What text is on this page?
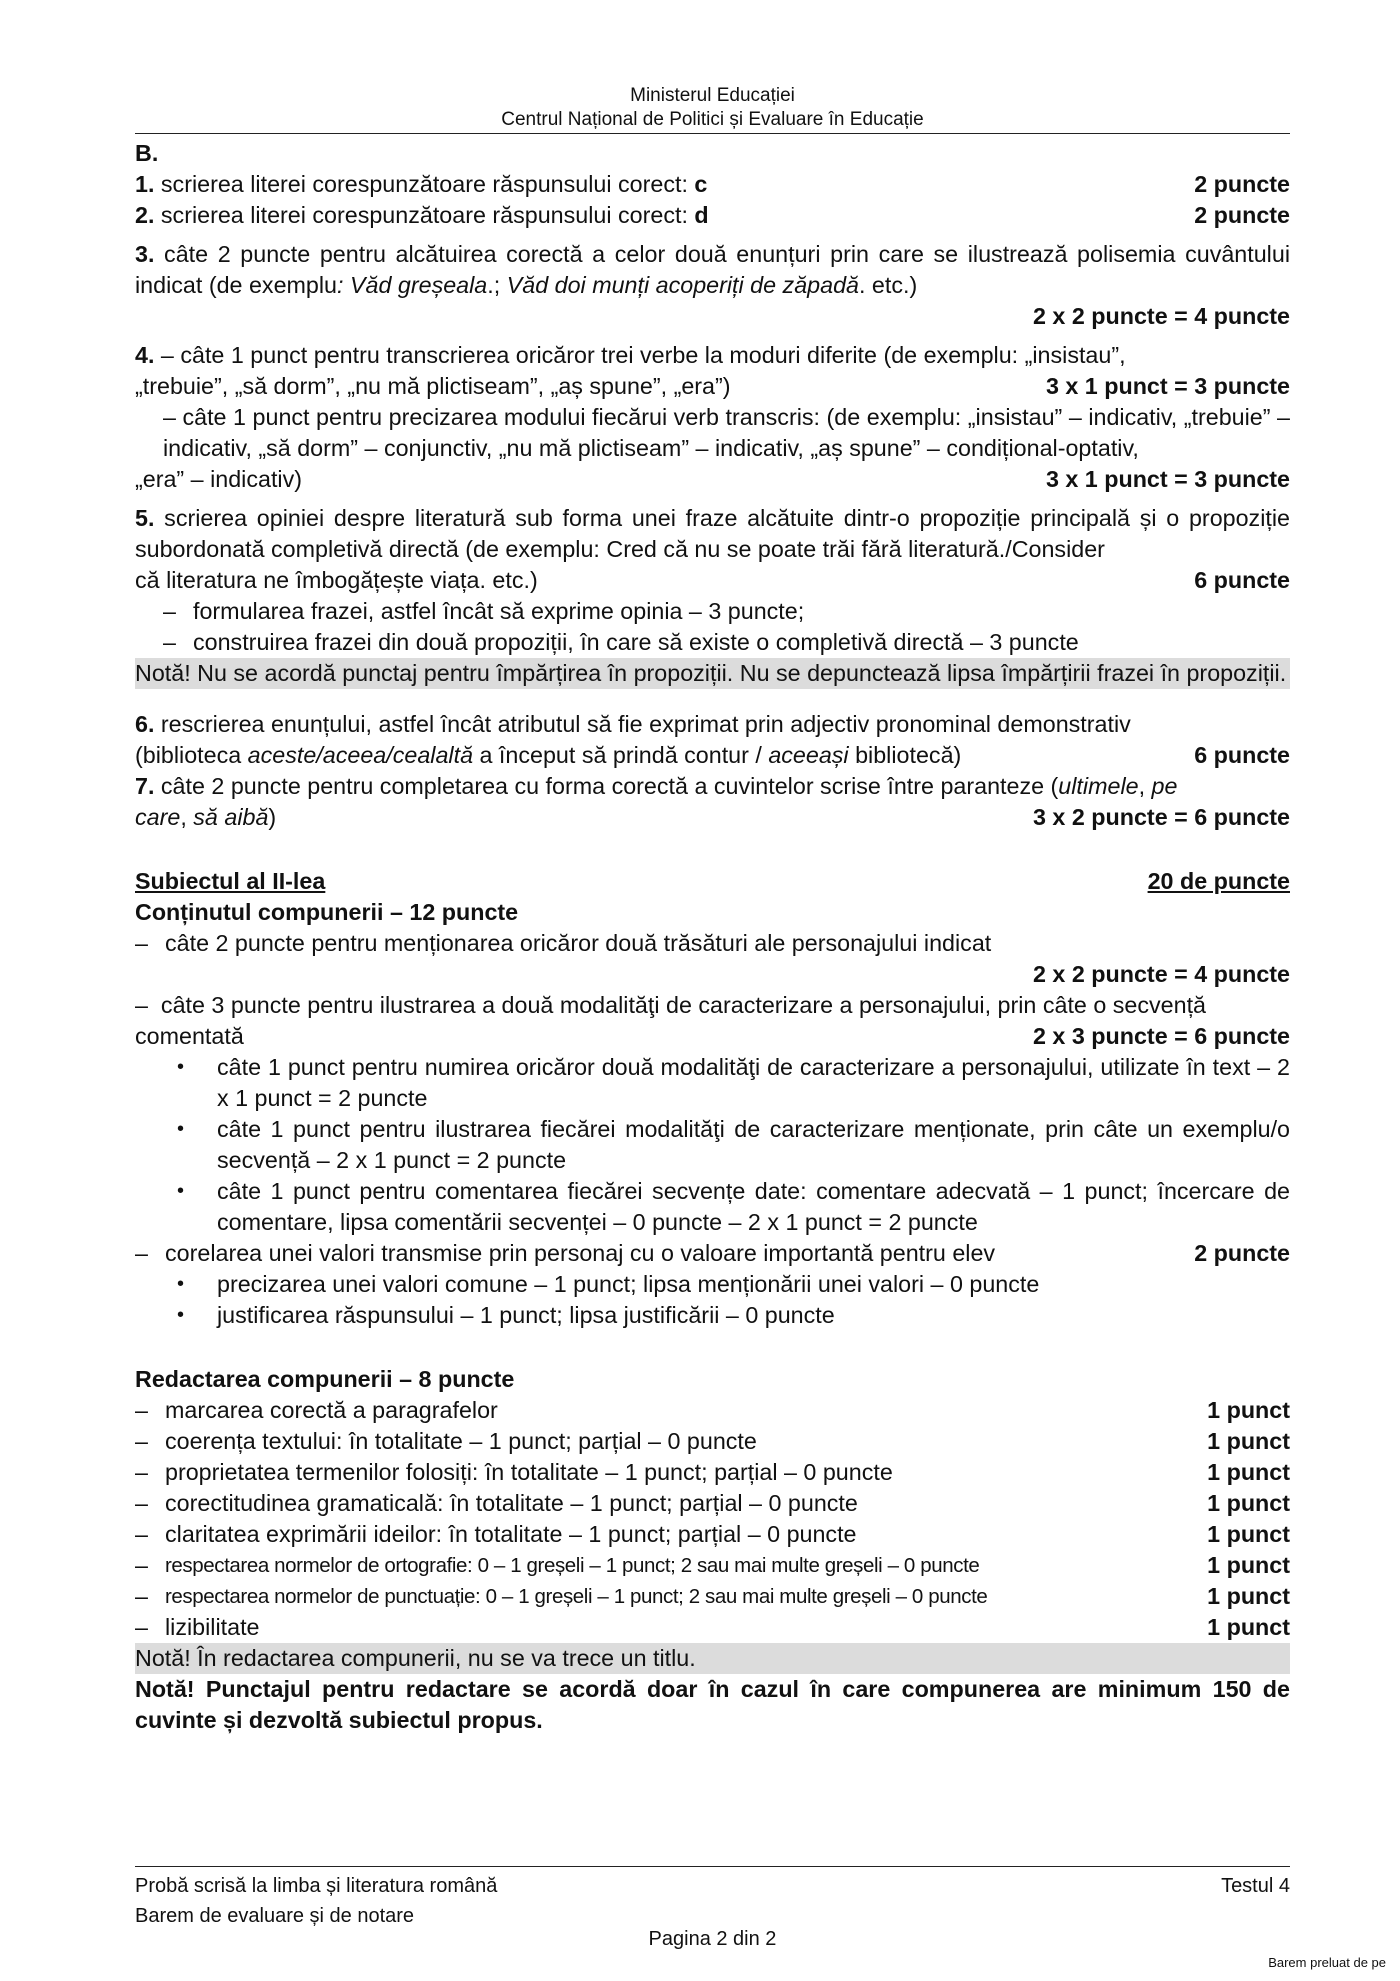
Ministerul Educației
Centrul Național de Politici și Evaluare în Educație
B.
1. scrierea literei corespunzătoare răspunsului corect: c	2 puncte
2. scrierea literei corespunzătoare răspunsului corect: d	2 puncte
3. câte 2 puncte pentru alcătuirea corectă a celor două enunțuri prin care se ilustrează polisemia cuvântului indicat (de exemplu: Văd greșeala.; Văd doi munți acoperiți de zăpadă. etc.)
2 x 2 puncte = 4 puncte
4. – câte 1 punct pentru transcrierea oricăror trei verbe la moduri diferite (de exemplu: „insistau”,
„trebuie”, „să dorm”, „nu mă plictiseam”, „aș spune”, „era”)	3 x 1 punct = 3 puncte
– câte 1 punct pentru precizarea modului fiecărui verb transcris: (de exemplu: „insistau” – indicativ, „trebuie” – indicativ, „să dorm” – conjunctiv, „nu mă plictiseam” – indicativ, „aș spune” – condițional-optativ,
„era” – indicativ)	3 x 1 punct = 3 puncte
5. scrierea opiniei despre literatură sub forma unei fraze alcătuite dintr-o propoziție principală și o propoziție subordonată completivă directă (de exemplu: Cred că nu se poate trăi fără literatură./Consider
că literatura ne îmbogățește viața. etc.)	6 puncte
– formularea frazei, astfel încât să exprime opinia – 3 puncte;
– construirea frazei din două propoziții, în care să existe o completivă directă – 3 puncte
Notă! Nu se acordă punctaj pentru împărțirea în propoziții. Nu se depunctează lipsa împărțirii frazei în propoziții.
6. rescrierea enunțului, astfel încât atributul să fie exprimat prin adjectiv pronominal demonstrativ
(biblioteca aceste/aceea/cealaltă a început să prindă contur / aceeași bibliotecă)	6 puncte
7. câte 2 puncte pentru completarea cu forma corectă a cuvintelor scrise între paranteze (ultimele, pe
care, să aibă)	3 x 2 puncte = 6 puncte
Subiectul al II-lea	20 de puncte
Conținutul compunerii – 12 puncte
– câte 2 puncte pentru menționarea oricăror două trăsături ale personajului indicat
2 x 2 puncte = 4 puncte
– câte 3 puncte pentru ilustrarea a două modalităţi de caracterizare a personajului, prin câte o secvență
comentată	2 x 3 puncte = 6 puncte
•	câte 1 punct pentru numirea oricăror două modalităţi de caracterizare a personajului, utilizate în text – 2 x 1 punct = 2 puncte
•	câte 1 punct pentru ilustrarea fiecărei modalităţi de caracterizare menționate, prin câte un exemplu/o secvență – 2 x 1 punct = 2 puncte
•	câte 1 punct pentru comentarea fiecărei secvențe date: comentare adecvată – 1 punct; încercare de comentare, lipsa comentării secvenței – 0 puncte – 2 x 1 punct = 2 puncte
– corelarea unei valori transmise prin personaj cu o valoare importantă pentru elev	2 puncte
•	precizarea unei valori comune – 1 punct; lipsa menționării unei valori – 0 puncte
•	justificarea răspunsului – 1 punct; lipsa justificării – 0 puncte
Redactarea compunerii – 8 puncte
– marcarea corectă a paragrafelor	1 punct
– coerența textului: în totalitate – 1 punct; parțial – 0 puncte	1 punct
– proprietatea termenilor folosiți: în totalitate – 1 punct; parțial – 0 puncte	1 punct
– corectitudinea gramaticală: în totalitate – 1 punct; parțial – 0 puncte	1 punct
– claritatea exprimării ideilor: în totalitate – 1 punct; parțial – 0 puncte	1 punct
– respectarea normelor de ortografie: 0 – 1 greșeli – 1 punct; 2 sau mai multe greșeli – 0 puncte	1 punct
– respectarea normelor de punctuație: 0 – 1 greșeli – 1 punct; 2 sau mai multe greșeli – 0 puncte	1 punct
– lizibilitate	1 punct
Notă! În redactarea compunerii, nu se va trece un titlu.
Notă! Punctajul pentru redactare se acordă doar în cazul în care compunerea are minimum 150 de cuvinte și dezvoltă subiectul propus.
Probă scrisă la limba și literatura română	Testul 4
Barem de evaluare și de notare
Pagina 2 din 2
Barem preluat de pe
